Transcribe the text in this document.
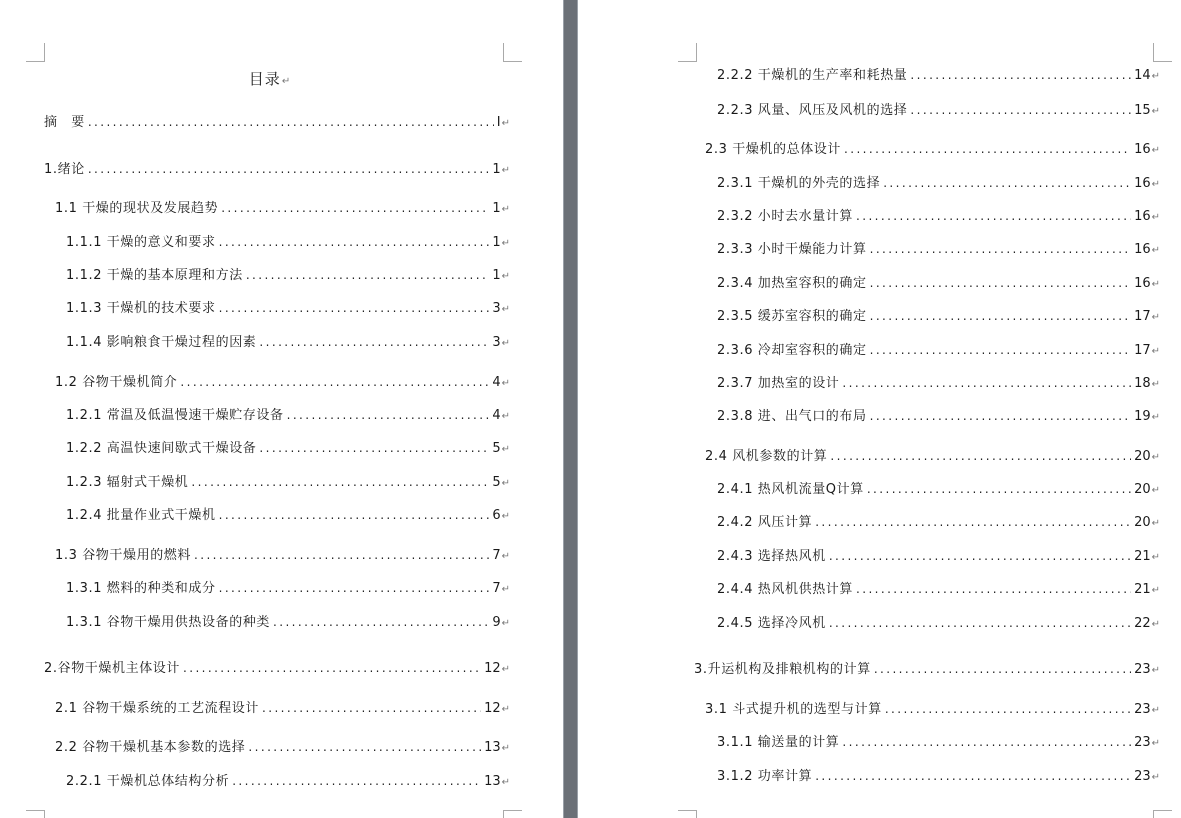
目录↵
摘　要 .....	I ↵
1.绪论 .....	1 ↵
1.1 干燥的现状及发展趋势 .....	1 ↵
1.1.1 干燥的意义和要求 .....	1 ↵
1.1.2 干燥的基本原理和方法 .....	1 ↵
1.1.3 干燥机的技术要求 .....	3 ↵
1.1.4 影响粮食干燥过程的因素 .....	3 ↵
1.2 谷物干燥机简介 .....	4 ↵
1.2.1 常温及低温慢速干燥贮存设备 .....	4 ↵
1.2.2 高温快速间歇式干燥设备 .....	5 ↵
1.2.3 辐射式干燥机 .....	5 ↵
1.2.4 批量作业式干燥机 .....	6 ↵
1.3 谷物干燥用的燃料 .....	7 ↵
1.3.1 燃料的种类和成分 .....	7 ↵
1.3.1 谷物干燥用供热设备的种类 .....	9 ↵
2.谷物干燥机主体设计 .....	12 ↵
2.1 谷物干燥系统的工艺流程设计 .....	12 ↵
2.2 谷物干燥机基本参数的选择 .....	13 ↵
2.2.1 干燥机总体结构分析 .....	13 ↵
2.2.2 干燥机的生产率和耗热量 .....	14 ↵
2.2.3 风量、风压及风机的选择 .....	15 ↵
2.3 干燥机的总体设计 .....	16 ↵
2.3.1 干燥机的外壳的选择 .....	16 ↵
2.3.2 小时去水量计算 .....	16 ↵
2.3.3 小时干燥能力计算 .....	16 ↵
2.3.4 加热室容积的确定 .....	16 ↵
2.3.5 缓苏室容积的确定 .....	17 ↵
2.3.6 冷却室容积的确定 .....	17 ↵
2.3.7 加热室的设计 .....	18 ↵
2.3.8 进、出气口的布局 .....	19 ↵
2.4 风机参数的计算 .....	20 ↵
2.4.1 热风机流量Q计算 .....	20 ↵
2.4.2 风压计算 .....	20 ↵
2.4.3 选择热风机 .....	21 ↵
2.4.4 热风机供热计算 .....	21 ↵
2.4.5 选择冷风机 .....	22 ↵
3.升运机构及排粮机构的计算 .....	23 ↵
3.1 斗式提升机的选型与计算 .....	23 ↵
3.1.1 输送量的计算 .....	23 ↵
3.1.2 功率计算 .....	23 ↵
